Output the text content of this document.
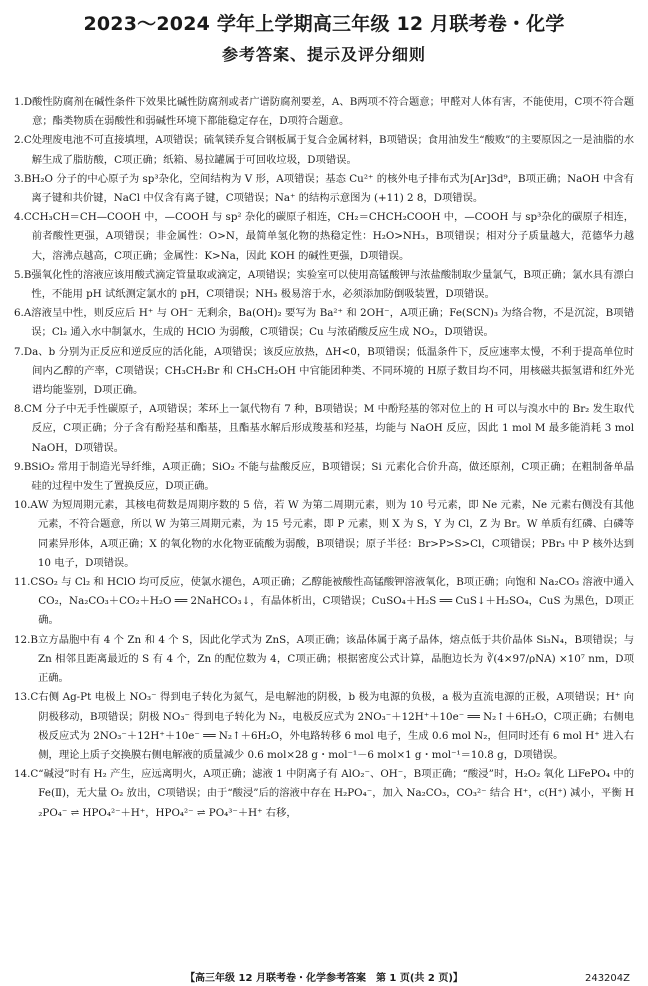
2023～2024 学年上学期高三年级 12 月联考卷・化学
参考答案、提示及评分细则
1.D 酸性防腐剂在碱性条件下效果比碱性防腐剂或者广谱防腐剂要差，A、B两项不符合题意；甲醛对人体有害，不能使用，C项不符合题意；酯类物质在弱酸性和弱碱性环境下都能稳定存在，D项符合题意。
2.C 处理废电池不可直接填埋，A项错误；硫氧镁乔复合钢板属于复合金属材料，B项错误；食用油发生“酸败”的主要原因之一是油脂的水解生成了脂肪酸，C项正确；纸箱、易拉罐属于可回收垃圾，D项错误。
3.B H₂O 分子的中心原子为 sp³杂化，空间结构为 V 形，A项错误；基态 Cu²⁺ 的核外电子排布式为[Ar]3d⁹，B项正确；NaOH 中含有离子键和共价键，NaCl 中仅含有离子键，C项错误；Na⁺ 的结构示意图为 (+11) 2 8，D项错误。
4.C CH₃CH＝CH—COOH 中，—COOH 与 sp² 杂化的碳原子相连，CH₂＝CHCH₂COOH 中，—COOH 与 sp³杂化的碳原子相连，前者酸性更强，A项错误；非金属性：O>N，最简单氢化物的热稳定性：H₂O>NH₃，B项错误；相对分子质量越大，范德华力越大，溶沸点越高，C项正确；金属性：K>Na，因此 KOH 的碱性更强，D项错误。
5.B 强氧化性的溶液应该用酸式滴定管量取或滴定，A项错误；实验室可以使用高锰酸钾与浓盐酸制取少量氯气，B项正确；氯水具有漂白性，不能用 pH 试纸测定氯水的 pH，C项错误；NH₃ 极易溶于水，必须添加防倒吸装置，D项错误。
6.A 溶液呈中性，则反应后 H⁺ 与 OH⁻ 无剩余，Ba(OH)₂ 要写为 Ba²⁺ 和 2OH⁻，A项正确；Fe(SCN)₃ 为络合物，不是沉淀，B项错误；Cl₂ 通入水中制氯水，生成的 HClO 为弱酸，C项错误；Cu 与浓硝酸反应生成 NO₂，D项错误。
7.D a、b 分别为正反应和逆反应的活化能，A项错误；该反应放热，ΔH<0，B项错误；低温条件下，反应速率太慢，不利于提高单位时间内乙醇的产率，C项错误；CH₃CH₂Br 和 CH₃CH₂OH 中官能团种类、不同环境的 H原子数目均不同，用核磁共振氢谱和红外光谱均能鉴别，D项正确。
8.C M 分子中无手性碳原子，A项错误；苯环上一氯代物有 7 种，B项错误；M 中酚羟基的邻对位上的 H 可以与溴水中的 Br₂ 发生取代反应，C项正确；分子含有酚羟基和酯基，且酯基水解后形成羧基和羟基，均能与 NaOH 反应，因此 1 mol M 最多能消耗 3 mol NaOH，D项错误。
9.B SiO₂ 常用于制造光导纤维，A项正确；SiO₂ 不能与盐酸反应，B项错误；Si 元素化合价升高，做还原剂，C项正确；在粗制备单晶硅的过程中发生了置换反应，D项正确。
10.A W 为短周期元素，其核电荷数是周期序数的 5 倍，若 W 为第二周期元素，则为 10 号元素，即 Ne 元素，Ne 元素右侧没有其他元素，不符合题意，所以 W 为第三周期元素，为 15 号元素，即 P 元素，则 X 为 S，Y 为 Cl，Z 为 Br。W 单质有红磷、白磷等同素异形体，A项正确；X 的氧化物的水化物亚硫酸为弱酸，B项错误；原子半径：Br>P>S>Cl，C项错误；PBr₃ 中 P 核外达到 10 电子，D项错误。
11.C SO₂ 与 Cl₂ 和 HClO 均可反应，使氯水褪色，A项正确；乙醇能被酸性高锰酸钾溶液氧化，B项正确；向饱和 Na₂CO₃ 溶液中通入 CO₂，Na₂CO₃＋CO₂＋H₂O ══ 2NaHCO₃↓，有晶体析出，C项错误；CuSO₄＋H₂S ══ CuS↓＋H₂SO₄，CuS 为黑色，D项正确。
12.B 立方晶胞中有 4 个 Zn 和 4 个 S，因此化学式为 ZnS，A项正确；该晶体属于离子晶体，熔点低于共价晶体 Si₃N₄，B项错误；与 Zn 相邻且距离最近的 S 有 4 个，Zn 的配位数为 4，C项正确；根据密度公式计算，晶胞边长为 ∛(4×97/ρNA) ×10⁷ nm，D项正确。
13.C 右侧 Ag-Pt 电极上 NO₃⁻ 得到电子转化为氮气，是电解池的阴极，b 极为电源的负极，a 极为直流电源的正极，A项错误；H⁺ 向阴极移动，B项错误；阴极 NO₃⁻ 得到电子转化为 N₂，电极反应式为 2NO₃⁻＋12H⁺＋10e⁻ ══ N₂↑＋6H₂O，C项正确；右侧电极反应式为 2NO₃⁻＋12H⁺＋10e⁻ ══ N₂↑＋6H₂O，外电路转移 6 mol 电子，生成 0.6 mol N₂，但同时还有 6 mol H⁺ 进入右侧，理论上质子交换膜右侧电解液的质量减少 0.6 mol×28 g・mol⁻¹－6 mol×1 g・mol⁻¹＝10.8 g，D项错误。
14.C “碱浸”时有 H₂ 产生，应远离明火，A项正确；滤液 1 中阴离子有 AlO₂⁻、OH⁻，B项正确；“酸浸”时，H₂O₂ 氧化 LiFePO₄ 中的 Fe(Ⅱ)，无大量 O₂ 放出，C项错误；由于“酸浸”后的溶液中存在 H₂PO₄⁻，加入 Na₂CO₃，CO₃²⁻ 结合 H⁺，c(H⁺) 减小，平衡 H₂PO₄⁻ ⇌ HPO₄²⁻＋H⁺，HPO₄²⁻ ⇌ PO₄³⁻＋H⁺ 右移，
【高三年级 12 月联考卷・化学参考答案　第 1 页(共 2 页)】	243204Z
